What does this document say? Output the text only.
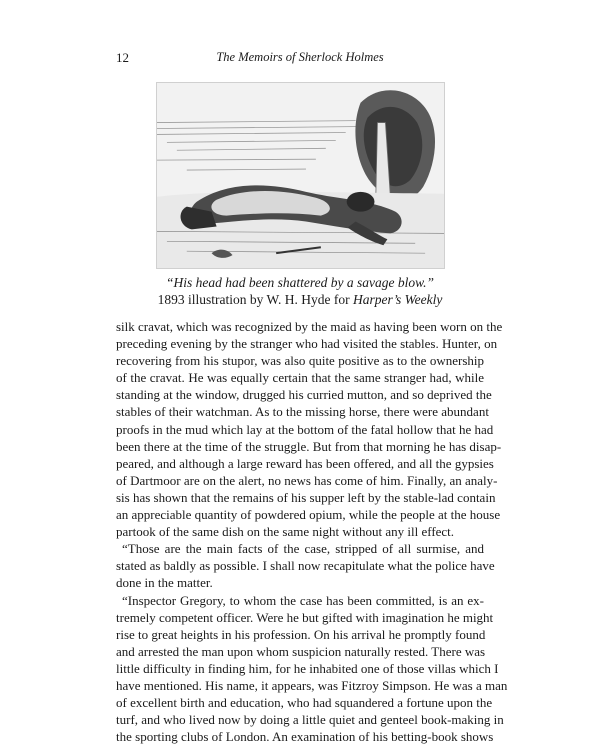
12	The Memoirs of Sherlock Holmes
“His head had been shattered by a savage blow.”
1893 illustration by W. H. Hyde for Harper’s Weekly
silk cravat, which was recognized by the maid as having been worn on the
preceding evening by the stranger who had visited the stables. Hunter, on
recovering from his stupor, was also quite positive as to the ownership
of the cravat. He was equally certain that the same stranger had, while
standing at the window, drugged his curried mutton, and so deprived the
stables of their watchman. As to the missing horse, there were abundant
proofs in the mud which lay at the bottom of the fatal hollow that he had
been there at the time of the struggle. But from that morning he has disap-
peared, and although a large reward has been offered, and all the gypsies
of Dartmoor are on the alert, no news has come of him. Finally, an analy-
sis has shown that the remains of his supper left by the stable-lad contain
an appreciable quantity of powdered opium, while the people at the house
partook of the same dish on the same night without any ill effect.
“Those are the main facts of the case, stripped of all surmise, and
stated as baldly as possible. I shall now recapitulate what the police have
done in the matter.
“Inspector Gregory, to whom the case has been committed, is an ex-
tremely competent officer. Were he but gifted with imagination he might
rise to great heights in his profession. On his arrival he promptly found
and arrested the man upon whom suspicion naturally rested. There was
little difficulty in finding him, for he inhabited one of those villas which I
have mentioned. His name, it appears, was Fitzroy Simpson. He was a man
of excellent birth and education, who had squandered a fortune upon the
turf, and who lived now by doing a little quiet and genteel book-making in
the sporting clubs of London. An examination of his betting-book shows
